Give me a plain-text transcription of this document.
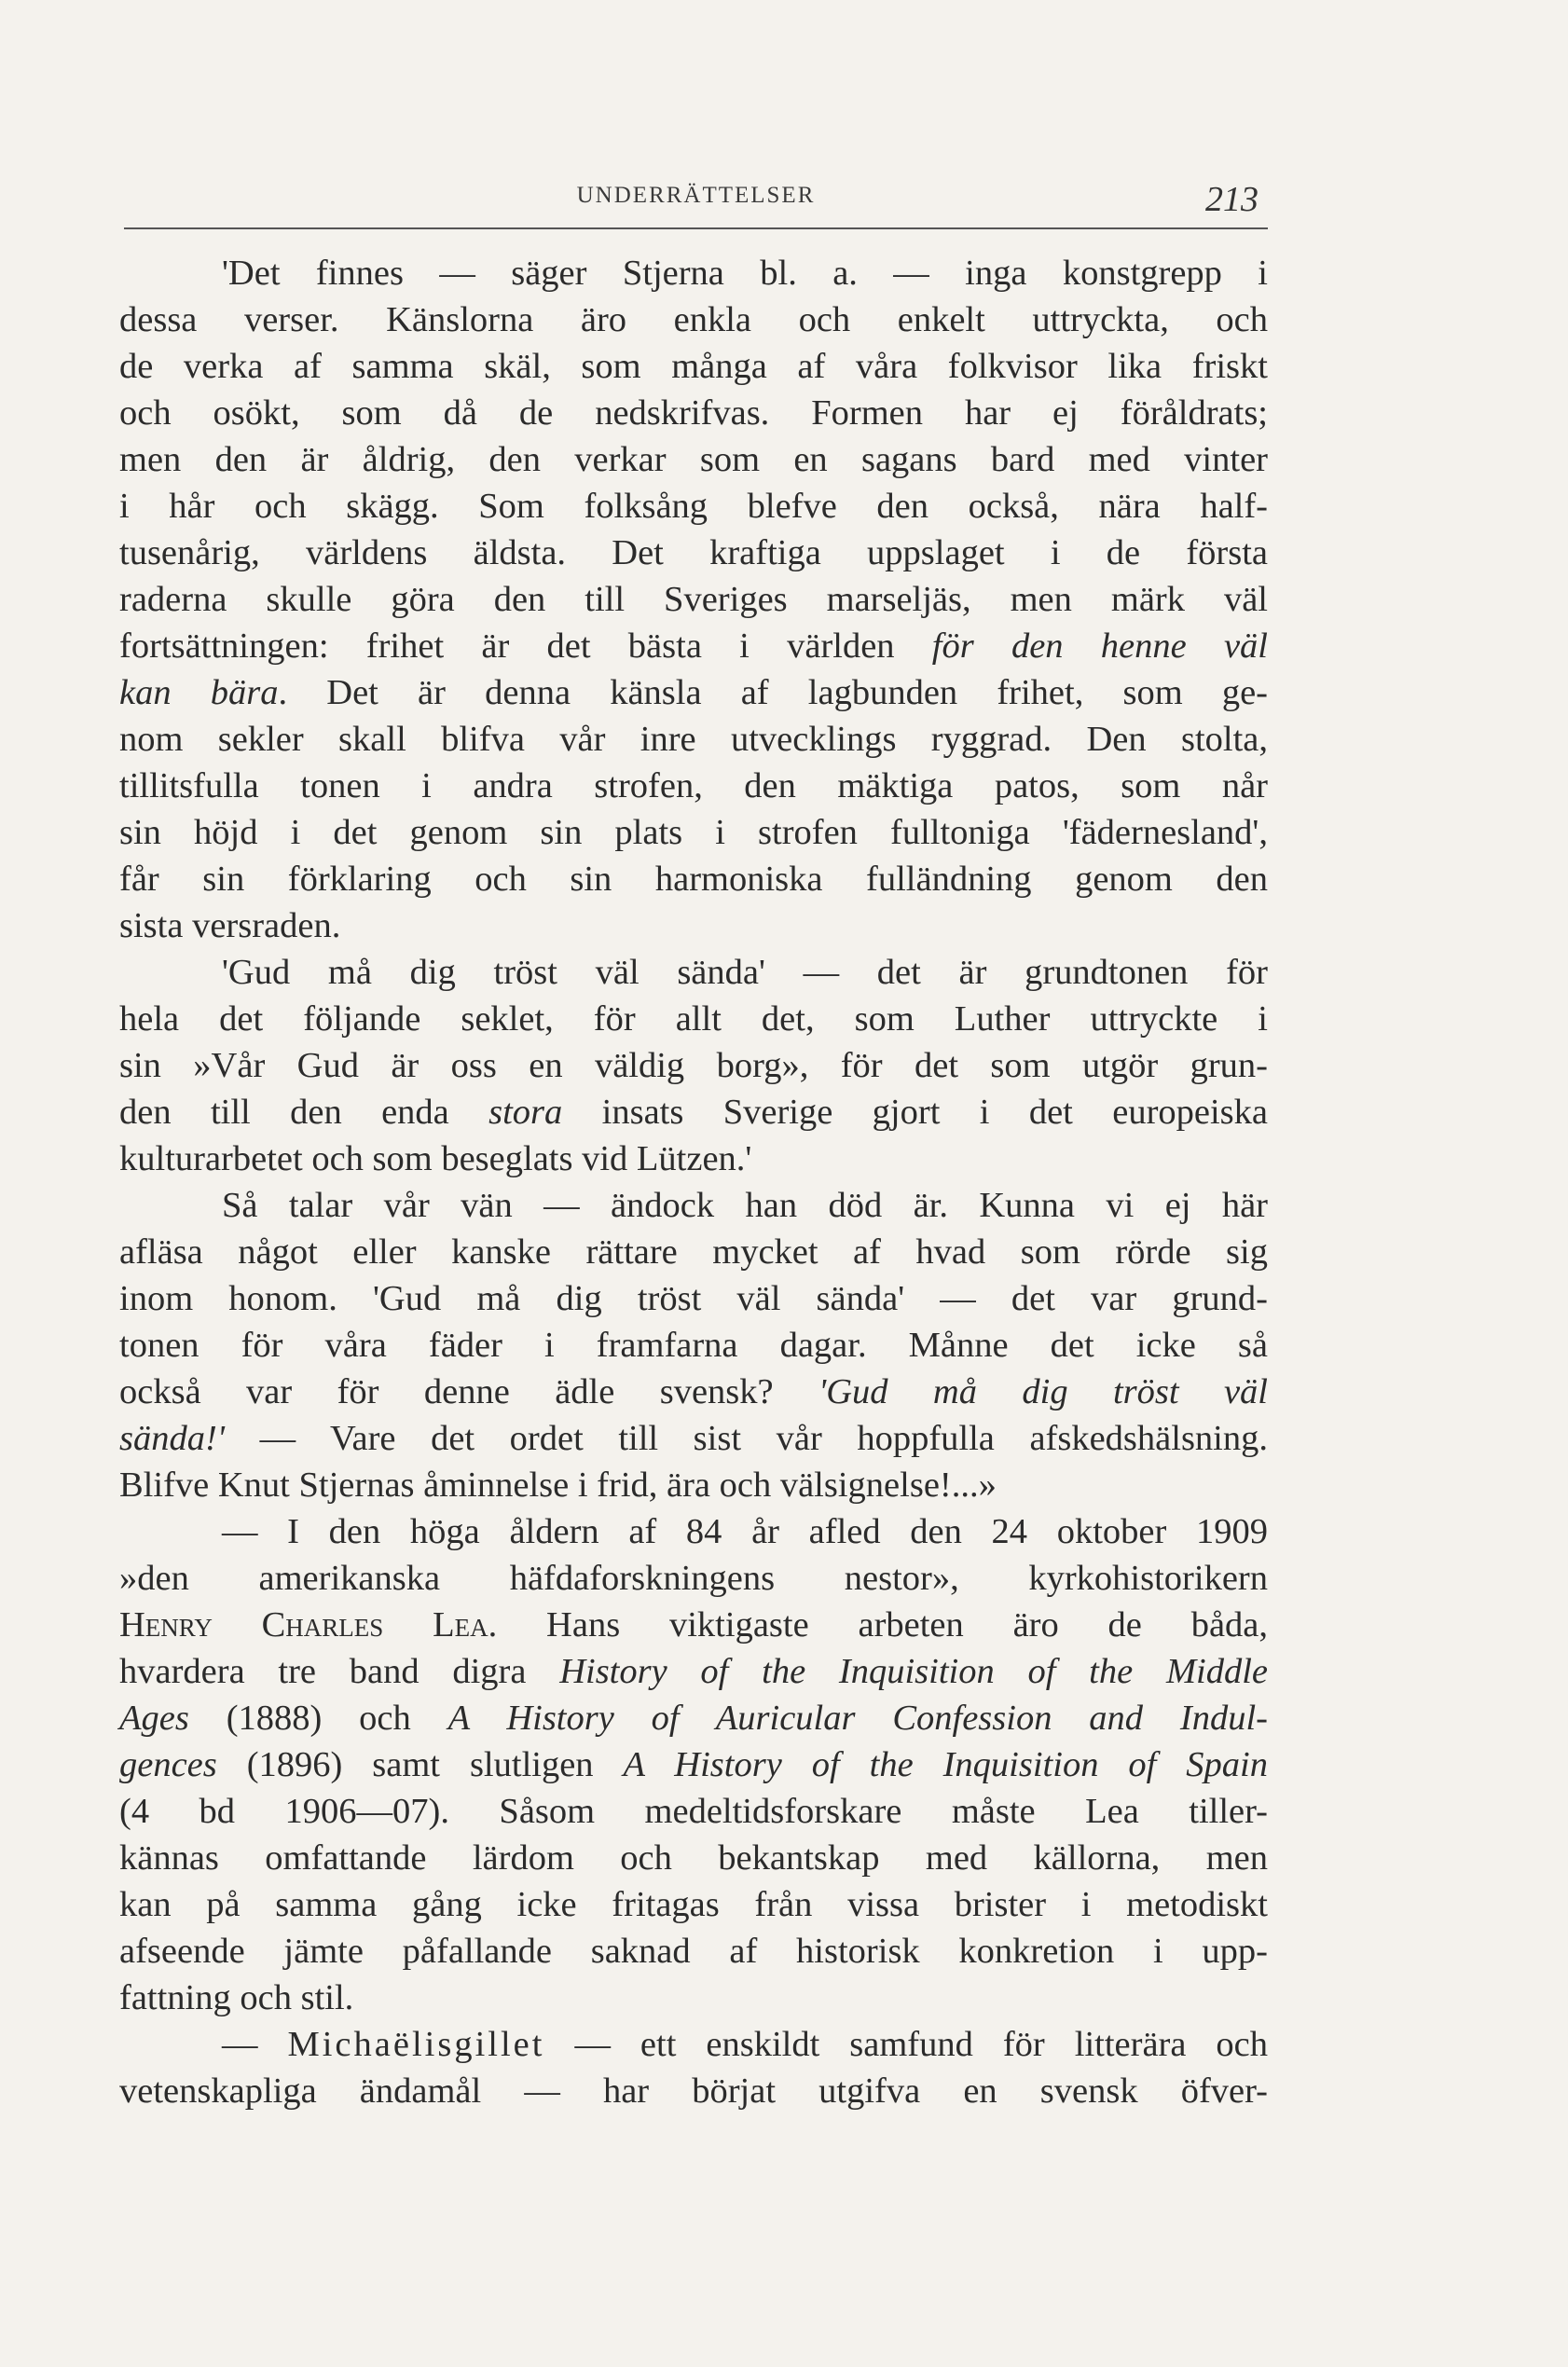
UNDERRÄTTELSER	213
'Det finnes — säger Stjerna bl. a. — inga konstgrepp i
dessa verser. Känslorna äro enkla och enkelt uttryckta, och
de verka af samma skäl, som många af våra folkvisor lika friskt
och osökt, som då de nedskrifvas. Formen har ej föråldrats;
men den är åldrig, den verkar som en sagans bard med vinter
i hår och skägg. Som folksång blefve den också, nära half-
tusenårig, världens äldsta. Det kraftiga uppslaget i de första
raderna skulle göra den till Sveriges marseljäs, men märk väl
fortsättningen: frihet är det bästa i världen för den henne väl
kan bära. Det är denna känsla af lagbunden frihet, som ge-
nom sekler skall blifva vår inre utvecklings ryggrad. Den stolta,
tillitsfulla tonen i andra strofen, den mäktiga patos, som når
sin höjd i det genom sin plats i strofen fulltoniga 'fädernesland',
får sin förklaring och sin harmoniska fulländning genom den
sista versraden.
'Gud må dig tröst väl sända' — det är grundtonen för
hela det följande seklet, för allt det, som Luther uttryckte i
sin »Vår Gud är oss en väldig borg», för det som utgör grun-
den till den enda stora insats Sverige gjort i det europeiska
kulturarbetet och som beseglats vid Lützen.'
Så talar vår vän — ändock han död är. Kunna vi ej här
afläsa något eller kanske rättare mycket af hvad som rörde sig
inom honom. 'Gud må dig tröst väl sända' — det var grund-
tonen för våra fäder i framfarna dagar. Månne det icke så
också var för denne ädle svensk? 'Gud må dig tröst väl
sända!' — Vare det ordet till sist vår hoppfulla afskedshälsning.
Blifve Knut Stjernas åminnelse i frid, ära och välsignelse!...»
— I den höga åldern af 84 år afled den 24 oktober 1909
»den amerikanska häfdaforskningens nestor», kyrkohistorikern
Henry Charles Lea. Hans viktigaste arbeten äro de båda,
hvardera tre band digra History of the Inquisition of the Middle
Ages (1888) och A History of Auricular Confession and Indul-
gences (1896) samt slutligen A History of the Inquisition of Spain
(4 bd 1906—07). Såsom medeltidsforskare måste Lea tiller-
kännas omfattande lärdom och bekantskap med källorna, men
kan på samma gång icke fritagas från vissa brister i metodiskt
afseende jämte påfallande saknad af historisk konkretion i upp-
fattning och stil.
— Michaëlisgillet — ett enskildt samfund för litterära och
vetenskapliga ändamål — har börjat utgifva en svensk öfver-
